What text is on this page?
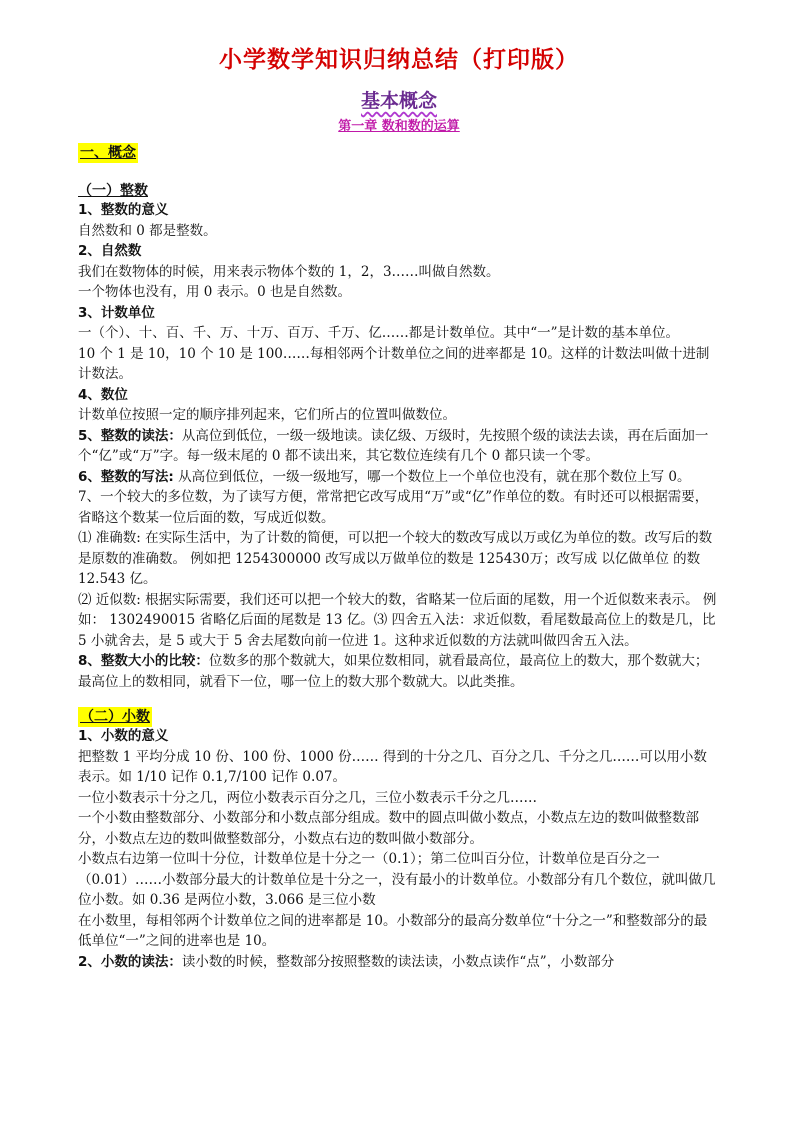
小学数学知识归纳总结（打印版）
基本概念
第一章 数和数的运算
一、概念
（一）整数
1、整数的意义

自然数和 0 都是整数。

2、自然数

我们在数物体的时候，用来表示物体个数的 1，2，3……叫做自然数。

一个物体也没有，用 0 表示。0 也是自然数。

3、计数单位

一（个）、十、百、千、万、十万、百万、千万、亿……都是计数单位。其中“一”是计数的基本单位。

10 个 1 是 10，10 个 10 是 100……每相邻两个计数单位之间的进率都是 10。这样的计数法叫做十进制计数法。

4、数位

计数单位按照一定的顺序排列起来，它们所占的位置叫做数位。

5、整数的读法：从高位到低位，一级一级地读。读亿级、万级时，先按照个级的读法去读，再在后面加一个“亿”或“万”字。每一级末尾的 0 都不读出来，其它数位连续有几个 0 都只读一个零。

6、整数的写法: 从高位到低位，一级一级地写，哪一个数位上一个单位也没有，就在那个数位上写 0。

7、一个较大的多位数，为了读写方便，常常把它改写成用“万”或“亿”作单位的数。有时还可以根据需要，省略这个数某一位后面的数，写成近似数。

⑴ 准确数: 在实际生活中，为了计数的简便，可以把一个较大的数改写成以万或亿为单位的数。改写后的数是原数的准确数。 例如把 1254300000 改写成以万做单位的数是 125430万；改写成 以亿做单位 的数 12.543 亿。

⑵ 近似数: 根据实际需要，我们还可以把一个较大的数，省略某一位后面的尾数，用一个近似数来表示。 例如： 1302490015 省略亿后面的尾数是 13 亿。⑶ 四舍五入法：求近似数，看尾数最高位上的数是几，比 5 小就舍去，是 5 或大于 5 舍去尾数向前一位进 1。这种求近似数的方法就叫做四舍五入法。

8、整数大小的比较：位数多的那个数就大，如果位数相同，就看最高位，最高位上的数大，那个数就大；最高位上的数相同，就看下一位，哪一位上的数大那个数就大。以此类推。

（二）小数
1、小数的意义

把整数 1 平均分成 10 份、100 份、1000 份…… 得到的十分之几、百分之几、千分之几……可以用小数表示。如 1/10 记作 0.1,7/100 记作 0.07。

一位小数表示十分之几，两位小数表示百分之几，三位小数表示千分之几……

一个小数由整数部分、小数部分和小数点部分组成。数中的圆点叫做小数点，小数点左边的数叫做整数部分，小数点左边的数叫做整数部分，小数点右边的数叫做小数部分。

小数点右边第一位叫十分位，计数单位是十分之一（0.1）；第二位叫百分位，计数单位是百分之一（0.01）……小数部分最大的计数单位是十分之一，没有最小的计数单位。小数部分有几个数位，就叫做几位小数。如 0.36 是两位小数，3.066 是三位小数

在小数里，每相邻两个计数单位之间的进率都是 10。小数部分的最高分数单位“十分之一”和整数部分的最低单位“一”之间的进率也是 10。

2、小数的读法：读小数的时候，整数部分按照整数的读法读，小数点读作“点”，小数部分
